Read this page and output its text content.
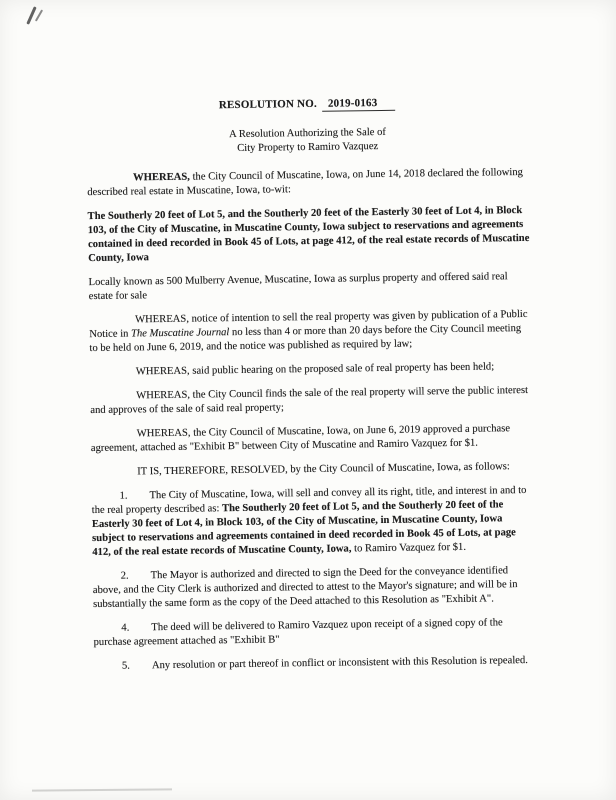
RESOLUTION NO. 2019-0163
A Resolution Authorizing the Sale of
City Property to Ramiro Vazquez

WHEREAS, the City Council of Muscatine, Iowa, on June 14, 2018 declared the following described real estate in Muscatine, Iowa, to-wit:

The Southerly 20 feet of Lot 5, and the Southerly 20 feet of the Easterly 30 feet of Lot 4, in Block 103, of the City of Muscatine, in Muscatine County, Iowa subject to reservations and agreements contained in deed recorded in Book 45 of Lots, at page 412, of the real estate records of Muscatine County, Iowa

Locally known as 500 Mulberry Avenue, Muscatine, Iowa as surplus property and offered said real estate for sale

WHEREAS, notice of intention to sell the real property was given by publication of a Public Notice in The Muscatine Journal no less than 4 or more than 20 days before the City Council meeting to be held on June 6, 2019, and the notice was published as required by law;

WHEREAS, said public hearing on the proposed sale of real property has been held;

WHEREAS, the City Council finds the sale of the real property will serve the public interest and approves of the sale of said real property;

WHEREAS, the City Council of Muscatine, Iowa, on June 6, 2019 approved a purchase agreement, attached as "Exhibit B" between City of Muscatine and Ramiro Vazquez for $1.

IT IS, THEREFORE, RESOLVED, by the City Council of Muscatine, Iowa, as follows:

1. The City of Muscatine, Iowa, will sell and convey all its right, title, and interest in and to the real property described as: The Southerly 20 feet of Lot 5, and the Southerly 20 feet of the Easterly 30 feet of Lot 4, in Block 103, of the City of Muscatine, in Muscatine County, Iowa subject to reservations and agreements contained in deed recorded in Book 45 of Lots, at page 412, of the real estate records of Muscatine County, Iowa, to Ramiro Vazquez for $1.

2. The Mayor is authorized and directed to sign the Deed for the conveyance identified above, and the City Clerk is authorized and directed to attest to the Mayor's signature; and will be in substantially the same form as the copy of the Deed attached to this Resolution as "Exhibit A".

4. The deed will be delivered to Ramiro Vazquez upon receipt of a signed copy of the purchase agreement attached as "Exhibit B"

5. Any resolution or part thereof in conflict or inconsistent with this Resolution is repealed.
